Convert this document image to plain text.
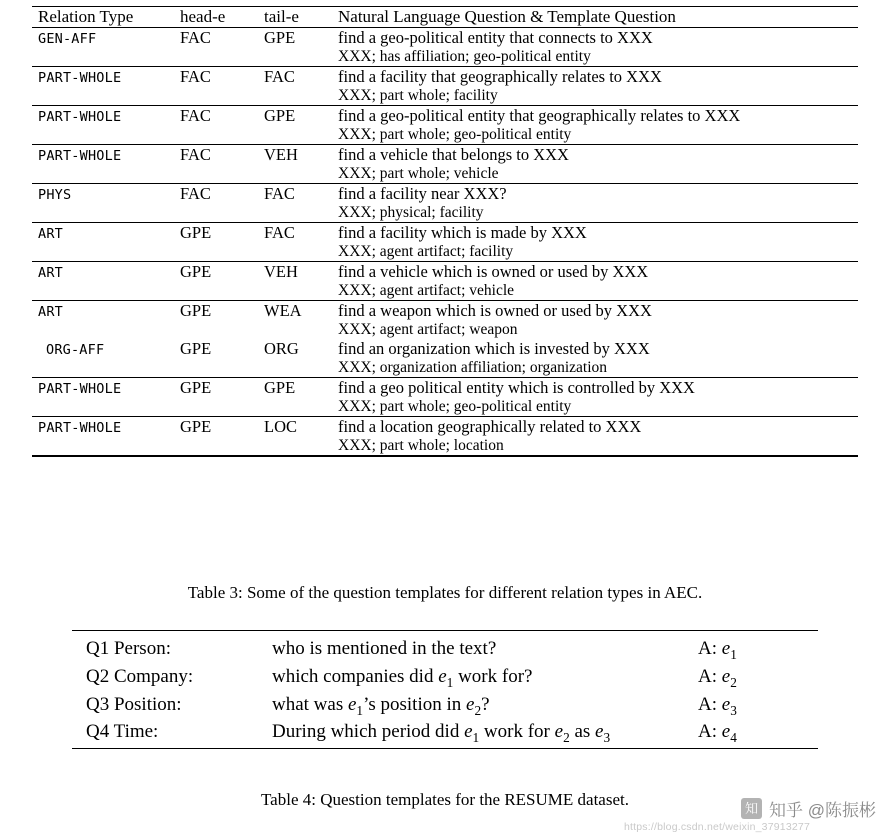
Relation Type	head-e	tail-e	Natural Language Question & Template Question

GEN-AFF	FAC	GPE	find a geo-political entity that connects to XXX
			XXX; has affiliation; geo-political entity

PART-WHOLE	FAC	FAC	find a facility that geographically relates to XXX
			XXX; part whole; facility

PART-WHOLE	FAC	GPE	find a geo-political entity that geographically relates to XXX
			XXX; part whole; geo-political entity

PART-WHOLE	FAC	VEH	find a vehicle that belongs to XXX
			XXX; part whole; vehicle

PHYS	FAC	FAC	find a facility near XXX?
			XXX; physical; facility

ART	GPE	FAC	find a facility which is made by XXX
			XXX; agent artifact; facility

ART	GPE	VEH	find a vehicle which is owned or used by XXX
			XXX; agent artifact; vehicle

ART	GPE	WEA	find a weapon which is owned or used by XXX
			XXX; agent artifact; weapon
ORG-AFF	GPE	ORG	find an organization which is invested by XXX
			XXX; organization affiliation; organization

PART-WHOLE	GPE	GPE	find a geo political entity which is controlled by XXX
			XXX; part whole; geo-political entity

PART-WHOLE	GPE	LOC	find a location geographically related to XXX
			XXX; part whole; location

Table 3: Some of the question templates for different relation types in AEC.

Q1 Person:	who is mentioned in the text?	A: $e_1$
Q2 Company:	which companies did $e_1$ work for?	A: $e_2$
Q3 Position:	what was $e_1’s$ position in $e_2$?	A: $e_3$
Q4 Time:	During which period did $e_1$ work for $e_2$ as $e_3$	A: $e_4$

Table 4: Question templates for the RESUME dataset.
https://blog.csdn.net/weixin_37913277
知 知乎 @陈振彬
